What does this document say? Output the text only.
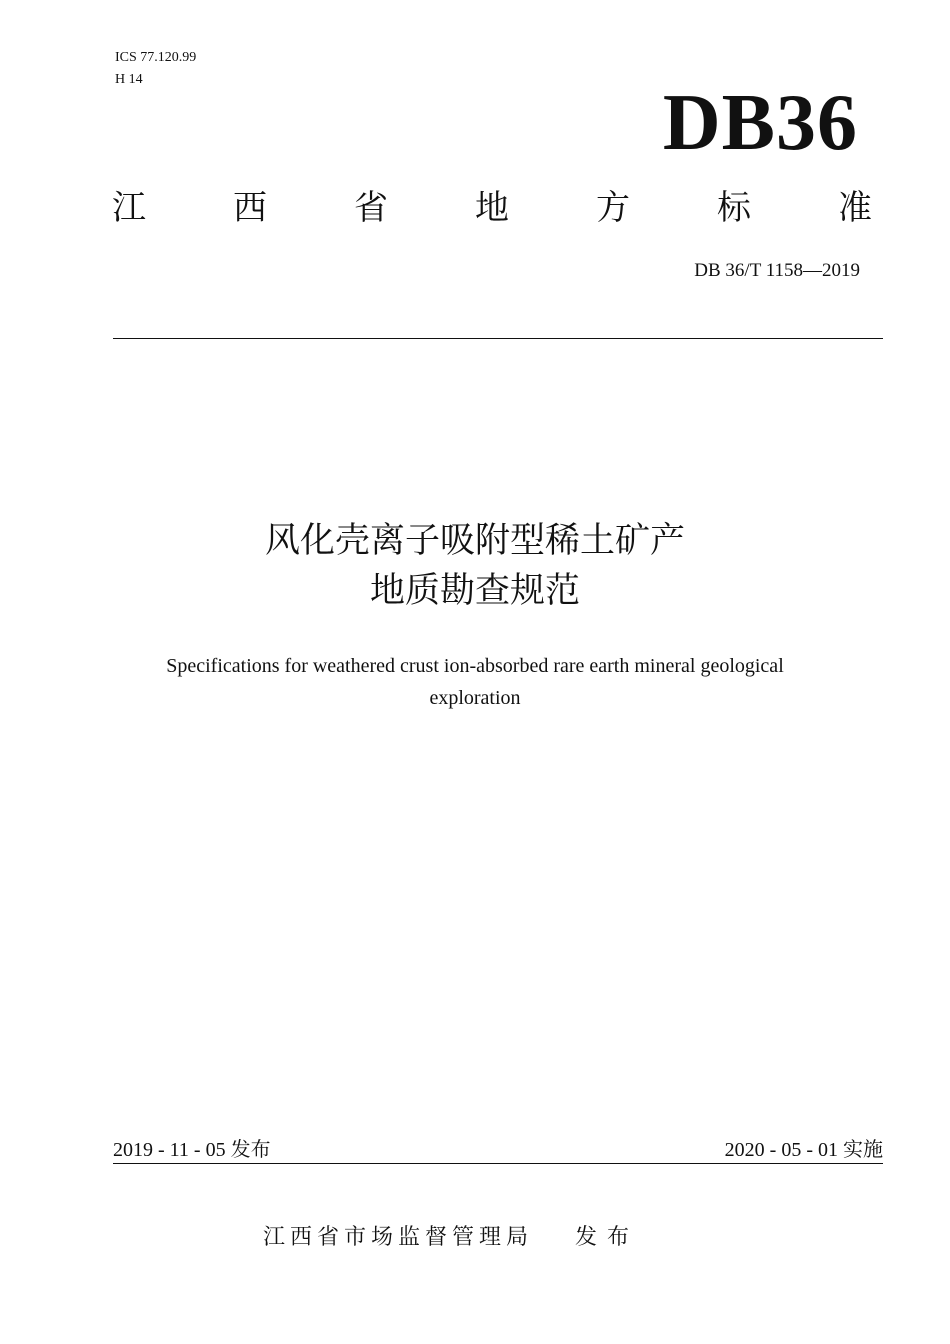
ICS 77.120.99
H 14	DB36
江	西	省	地	方	标	准
DB 36/T 1158—2019
风化壳离子吸附型稀土矿产
地质勘查规范
Specifications for weathered crust ion-absorbed rare earth mineral geological exploration
2019 - 11 - 05 发布	2020 - 05 - 01 实施
江西省市场监督管理局 发布
